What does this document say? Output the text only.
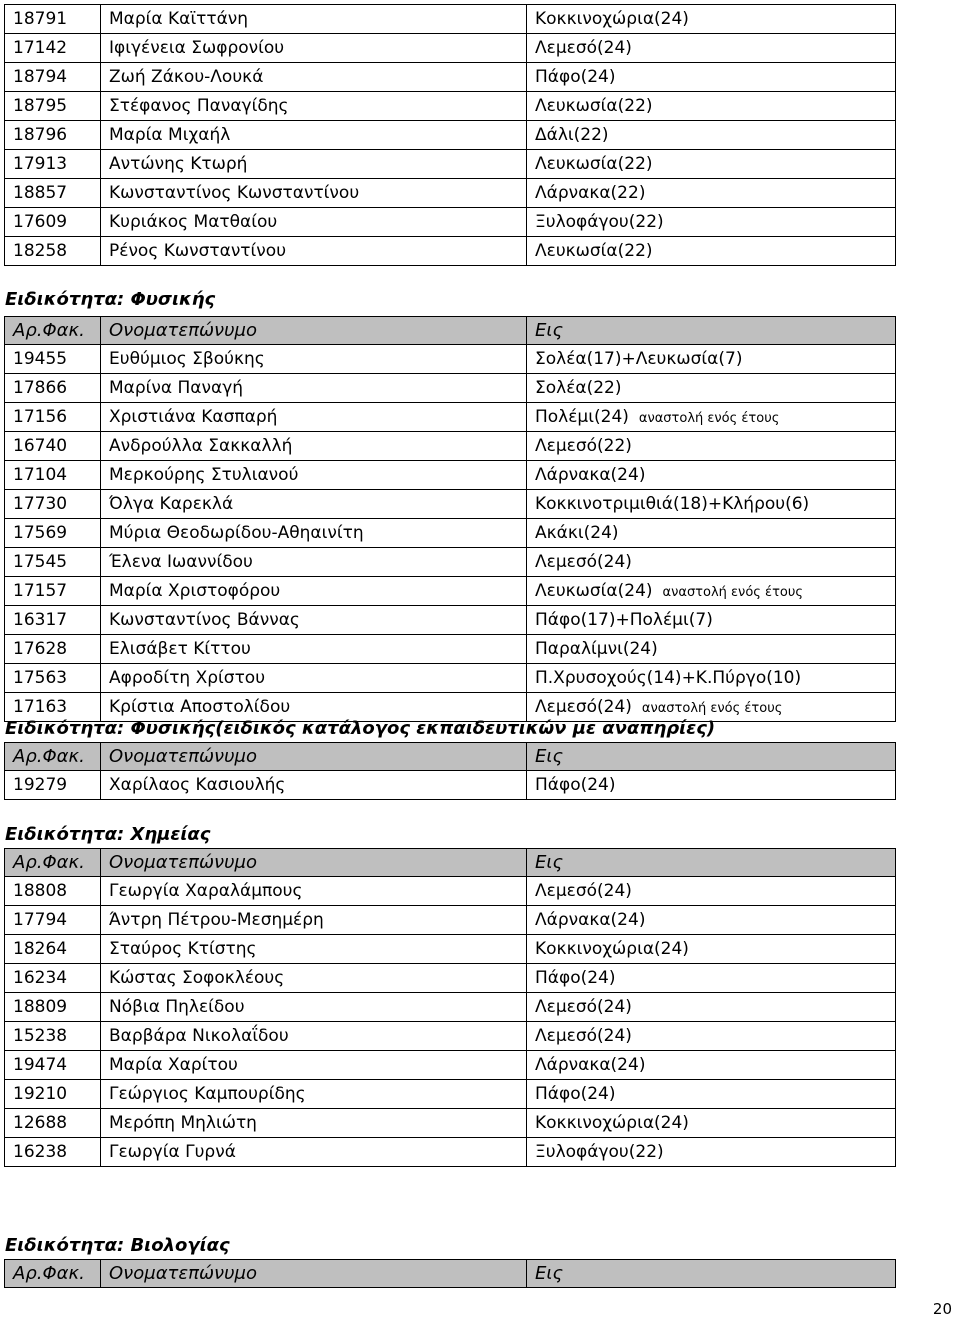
18791	Μαρία Καϊττάνη	Κοκκινοχώρια(24)
17142	Ιφιγένεια Σωφρονίου	Λεμεσό(24)
18794	Ζωή Ζάκου-Λουκά	Πάφο(24)
18795	Στέφανος Παναγίδης	Λευκωσία(22)
18796	Μαρία Μιχαήλ	Δάλι(22)
17913	Αντώνης Κτωρή	Λευκωσία(22)
18857	Κωνσταντίνος Κωνσταντίνου	Λάρνακα(22)
17609	Κυριάκος Ματθαίου	Ξυλοφάγου(22)
18258	Ρένος Κωνσταντίνου	Λευκωσία(22)
Ειδικότητα: Φυσικής
Αρ.Φακ.	Ονοματεπώνυμο	Εις
19455	Ευθύμιος Σβούκης	Σολέα(17)+Λευκωσία(7)
17866	Μαρίνα Παναγή	Σολέα(22)
17156	Χριστιάνα Κασπαρή	Πολέμι(24) αναστολή ενός έτους
16740	Ανδρούλλα Σακκαλλή	Λεμεσό(22)
17104	Μερκούρης Στυλιανού	Λάρνακα(24)
17730	Όλγα Καρεκλά	Κοκκινοτριμιθιά(18)+Κλήρου(6)
17569	Μύρια Θεοδωρίδου-Αθηαινίτη	Ακάκι(24)
17545	Έλενα Ιωαννίδου	Λεμεσό(24)
17157	Μαρία Χριστοφόρου	Λευκωσία(24) αναστολή ενός έτους
16317	Κωνσταντίνος Βάννας	Πάφο(17)+Πολέμι(7)
17628	Ελισάβετ Κίττου	Παραλίμνι(24)
17563	Αφροδίτη Χρίστου	Π.Χρυσοχούς(14)+Κ.Πύργο(10)
17163	Κρίστια Αποστολίδου	Λεμεσό(24) αναστολή ενός έτους
Ειδικότητα: Φυσικής(ειδικός κατάλογος εκπαιδευτικών με αναπηρίες)
Αρ.Φακ.	Ονοματεπώνυμο	Εις
19279	Χαρίλαος Κασιουλής	Πάφο(24)
Ειδικότητα: Χημείας
Αρ.Φακ.	Ονοματεπώνυμο	Εις
18808	Γεωργία Χαραλάμπους	Λεμεσό(24)
17794	Άντρη Πέτρου-Μεσημέρη	Λάρνακα(24)
18264	Σταύρος Κτίστης	Κοκκινοχώρια(24)
16234	Κώστας Σοφοκλέους	Πάφο(24)
18809	Νόβια Πηλείδου	Λεμεσό(24)
15238	Βαρβάρα Νικολαΐδου	Λεμεσό(24)
19474	Μαρία Χαρίτου	Λάρνακα(24)
19210	Γεώργιος Καμπουρίδης	Πάφο(24)
12688	Μερόπη Μηλιώτη	Κοκκινοχώρια(24)
16238	Γεωργία Γυρνά	Ξυλοφάγου(22)
Ειδικότητα: Βιολογίας
Αρ.Φακ.	Ονοματεπώνυμο	Εις
20
